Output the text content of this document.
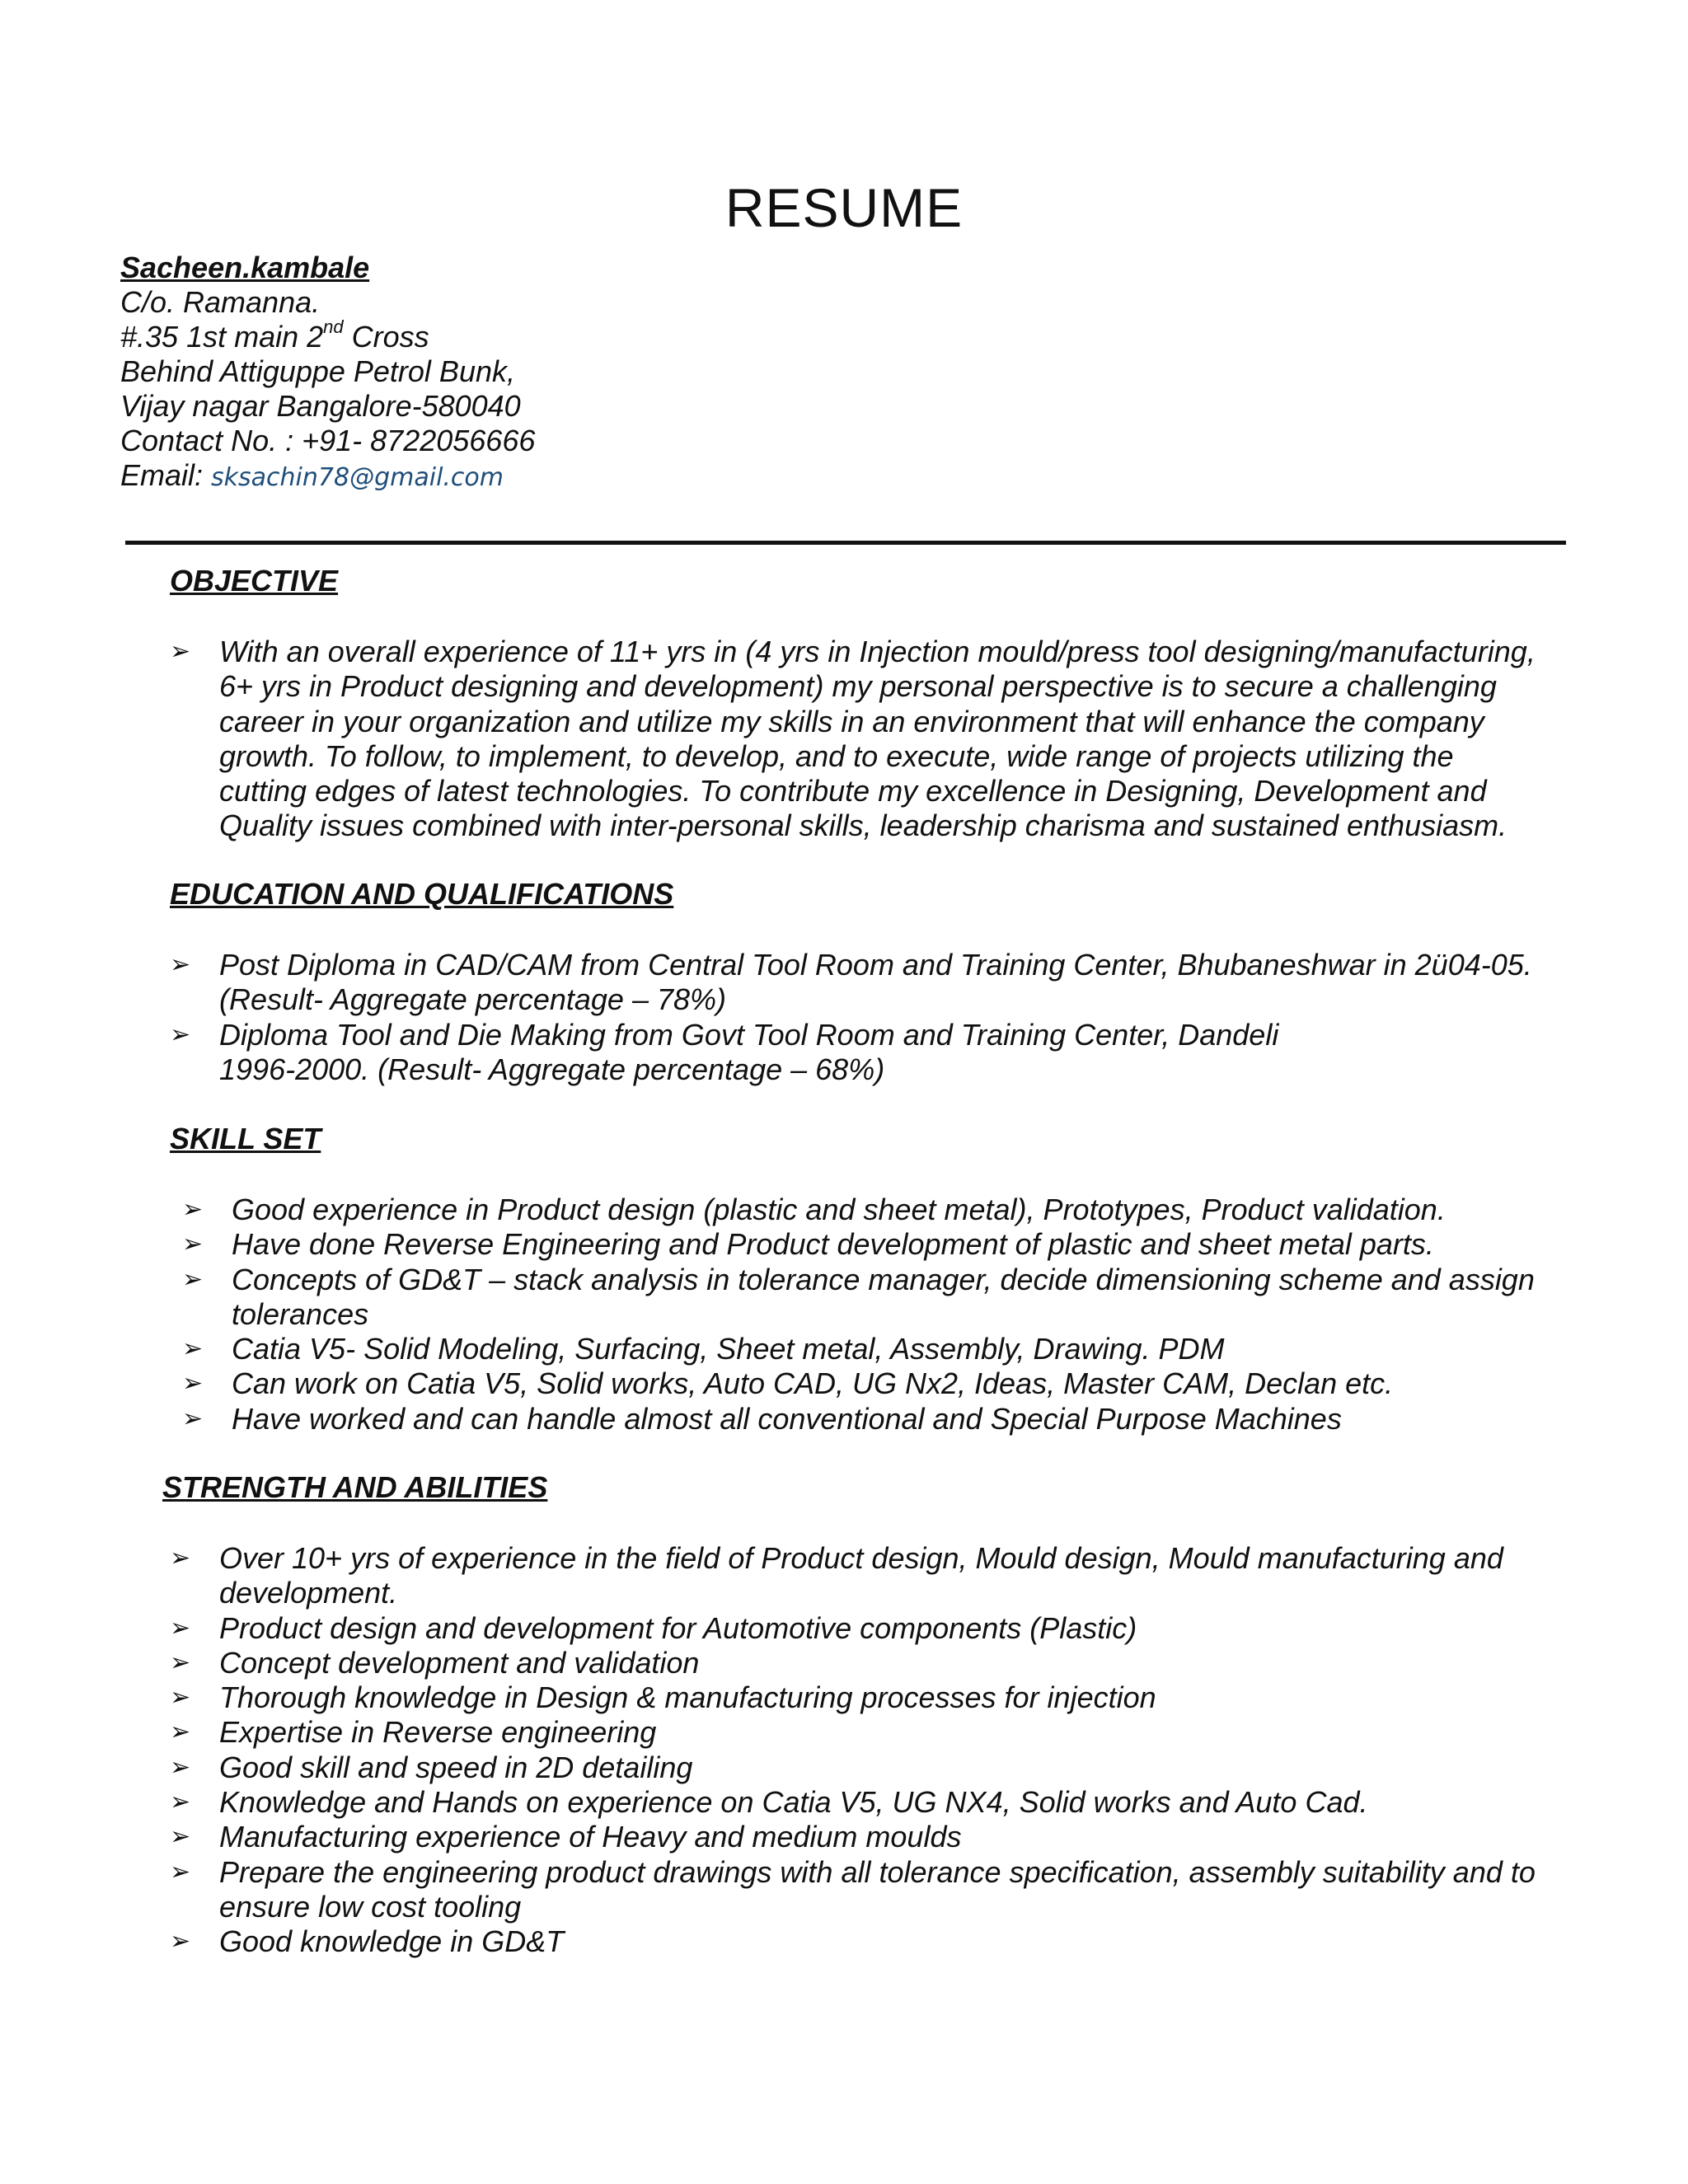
RESUME
Sacheen.kambale
C/o. Ramanna.
#.35 1st main 2nd Cross
Behind Attiguppe Petrol Bunk,
Vijay nagar Bangalore-580040
Contact No. : +91- 8722056666
Email: sksachin78@gmail.com
OBJECTIVE
➢ With an overall experience of 11+ yrs in (4 yrs in Injection mould/press tool designing/manufacturing,
6+ yrs in Product designing and development) my personal perspective is to secure a challenging
career in your organization and utilize my skills in an environment that will enhance the company
growth. To follow, to implement, to develop, and to execute, wide range of projects utilizing the
cutting edges of latest technologies. To contribute my excellence in Designing, Development and
Quality issues combined with inter-personal skills, leadership charisma and sustained enthusiasm.
EDUCATION AND QUALIFICATIONS
➢ Post Diploma in CAD/CAM from Central Tool Room and Training Center, Bhubaneshwar in 2ü04-05.
(Result- Aggregate percentage – 78%)
➢ Diploma Tool and Die Making from Govt Tool Room and Training Center, Dandeli
1996-2000. (Result- Aggregate percentage – 68%)
SKILL SET
➢ Good experience in Product design (plastic and sheet metal), Prototypes, Product validation.
➢ Have done Reverse Engineering and Product development of plastic and sheet metal parts.
➢ Concepts of GD&T – stack analysis in tolerance manager, decide dimensioning scheme and assign
tolerances
➢ Catia V5- Solid Modeling, Surfacing, Sheet metal, Assembly, Drawing. PDM
➢ Can work on Catia V5, Solid works, Auto CAD, UG Nx2, Ideas, Master CAM, Declan etc.
➢ Have worked and can handle almost all conventional and Special Purpose Machines
STRENGTH AND ABILITIES
➢ Over 10+ yrs of experience in the field of Product design, Mould design, Mould manufacturing and
development.
➢ Product design and development for Automotive components (Plastic)
➢ Concept development and validation
➢ Thorough knowledge in Design & manufacturing processes for injection
➢ Expertise in Reverse engineering
➢ Good skill and speed in 2D detailing
➢ Knowledge and Hands on experience on Catia V5, UG NX4, Solid works and Auto Cad.
➢ Manufacturing experience of Heavy and medium moulds
➢ Prepare the engineering product drawings with all tolerance specification, assembly suitability and to
ensure low cost tooling
➢ Good knowledge in GD&T
